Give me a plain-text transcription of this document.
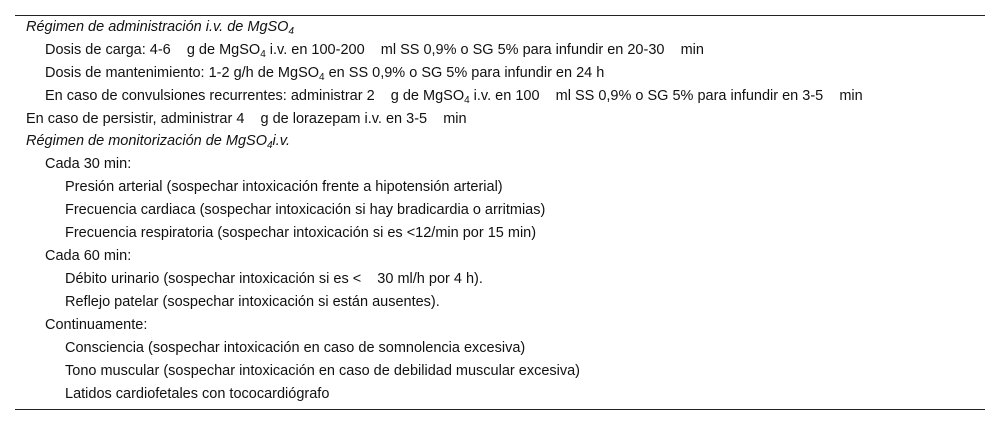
Régimen de administración i.v. de MgSO$_4$
Dosis de carga: 4-6    g de MgSO$_4$ i.v. en 100-200    ml SS 0,9% o SG 5% para infundir en 20-30    min
Dosis de mantenimiento: 1-2 g/h de MgSO$_4$ en SS 0,9% o SG 5% para infundir en 24 h
En caso de convulsiones recurrentes: administrar 2    g de MgSO$_4$ i.v. en 100    ml SS 0,9% o SG 5% para infundir en 3-5    min
En caso de persistir, administrar 4    g de lorazepam i.v. en 3-5    min
Régimen de monitorización de MgSO$_4$i.v.
Cada 30 min:
Presión arterial (sospechar intoxicación frente a hipotensión arterial)
Frecuencia cardiaca (sospechar intoxicación si hay bradicardia o arritmias)
Frecuencia respiratoria (sospechar intoxicación si es <12/min por 15 min)
Cada 60 min:
Débito urinario (sospechar intoxicación si es <    30 ml/h por 4 h).
Reflejo patelar (sospechar intoxicación si están ausentes).
Continuamente:
Consciencia (sospechar intoxicación en caso de somnolencia excesiva)
Tono muscular (sospechar intoxicación en caso de debilidad muscular excesiva)
Latidos cardiofetales con tococardiógrafo
